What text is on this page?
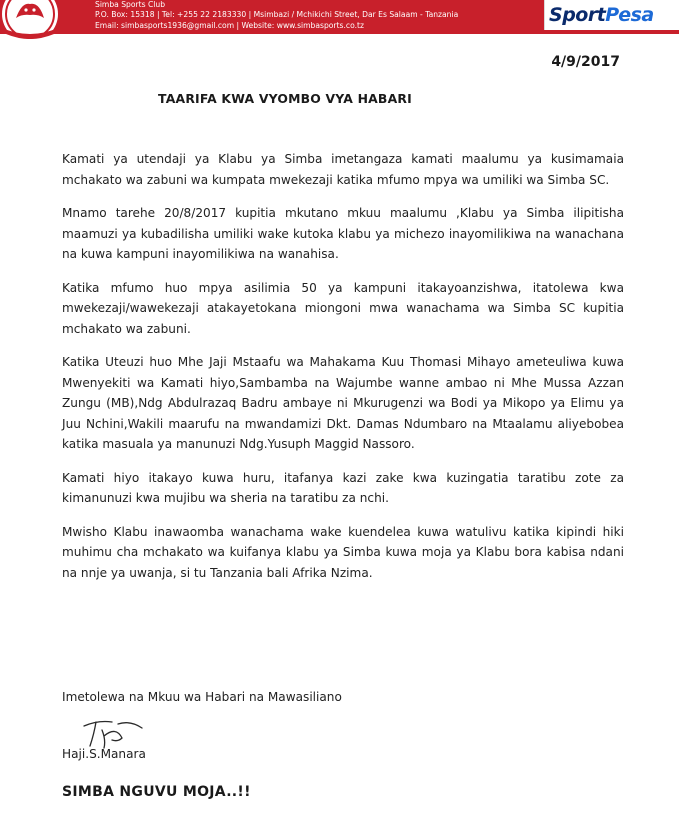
Simba Sports Club
P.O. Box: 15318 | Tel: +255 22 2183330 | Msimbazi / Mchikichi Street, Dar Es Salaam - Tanzania
Email: simbasports1936@gmail.com | Website: www.simbasports.co.tz	SportPesa
4/9/2017
TAARIFA KWA VYOMBO VYA HABARI

Kamati ya utendaji ya Klabu ya Simba imetangaza kamati maalumu ya kusimamaia mchakato wa zabuni wa kumpata mwekezaji katika mfumo mpya wa umiliki wa Simba SC.

Mnamo tarehe 20/8/2017 kupitia mkutano mkuu maalumu ,Klabu ya Simba ilipitisha maamuzi ya kubadilisha umiliki wake kutoka klabu ya michezo inayomilikiwa na wanachana na kuwa kampuni inayomilikiwa na wanahisa.

Katika mfumo huo mpya asilimia 50 ya kampuni itakayoanzishwa, itatolewa kwa mwekezaji/wawekezaji atakayetokana miongoni mwa wanachama wa Simba SC kupitia mchakato wa zabuni.

Katika Uteuzi huo Mhe Jaji Mstaafu wa Mahakama Kuu Thomasi Mihayo ameteuliwa kuwa Mwenyekiti wa Kamati hiyo,Sambamba na Wajumbe wanne ambao ni Mhe Mussa Azzan Zungu (MB),Ndg Abdulrazaq Badru ambaye ni Mkurugenzi wa Bodi ya Mikopo ya Elimu ya Juu Nchini,Wakili maarufu na mwandamizi Dkt. Damas Ndumbaro na Mtaalamu aliyebobea katika masuala ya manunuzi Ndg.Yusuph Maggid Nassoro.

Kamati hiyo itakayo kuwa huru, itafanya kazi zake kwa kuzingatia taratibu zote za kimanunuzi kwa mujibu wa sheria na taratibu za nchi.

Mwisho Klabu inawaomba wanachama wake kuendelea kuwa watulivu katika kipindi hiki muhimu cha mchakato wa kuifanya klabu ya Simba kuwa moja ya Klabu bora kabisa ndani na nnje ya uwanja, si tu Tanzania bali Afrika Nzima.

Imetolewa na Mkuu wa Habari na Mawasiliano
Haji.S.Manara
SIMBA NGUVU MOJA..!!
